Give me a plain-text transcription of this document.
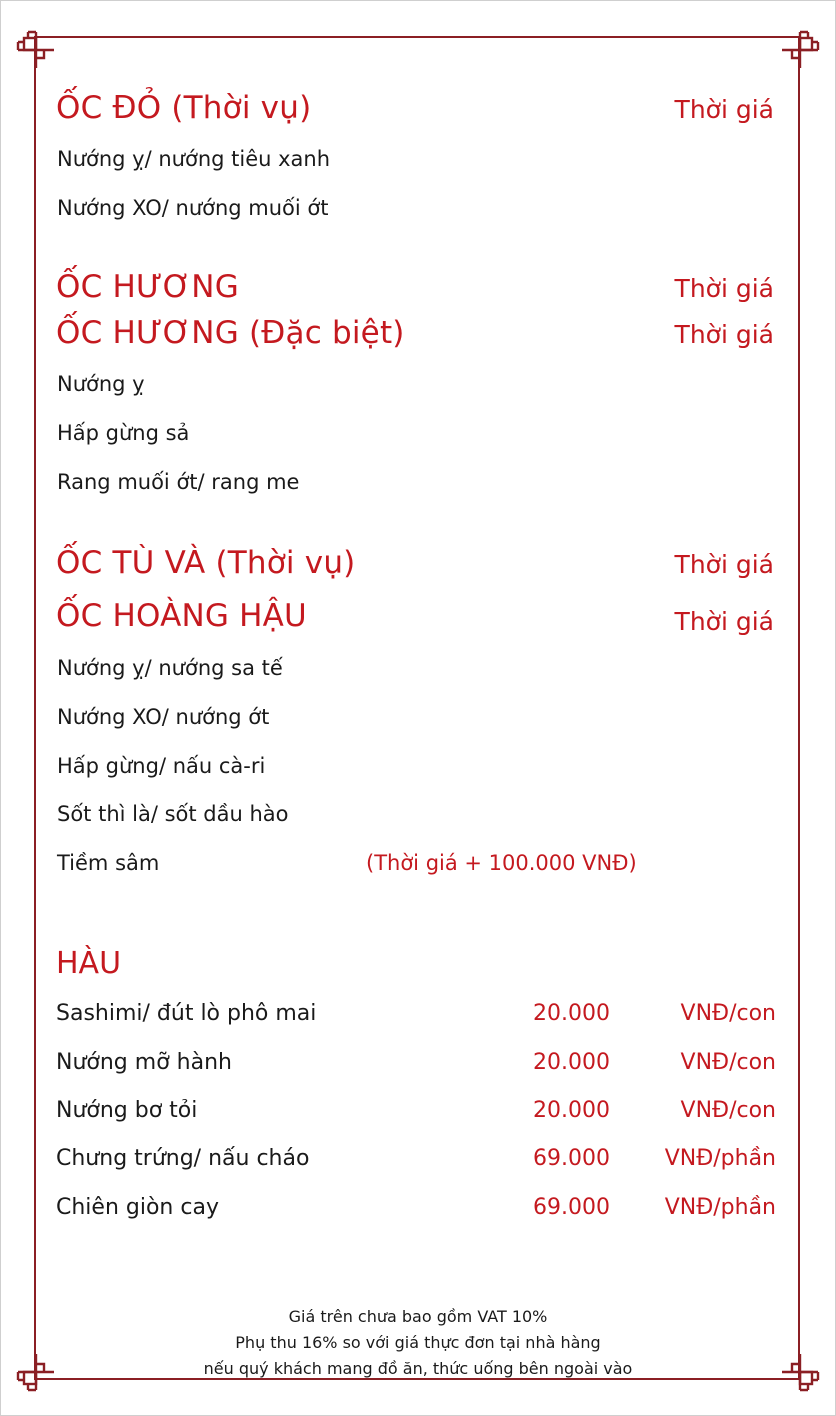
ỐC ĐỎ (Thời vụ)	Thời giá
Nướng ỵ/ nướng tiêu xanh
Nướng XO/ nướng muối ớt
ỐC HƯƠNG	Thời giá
ỐC HƯƠNG (Đặc biệt)	Thời giá
Nướng ỵ
Hấp gừng sả
Rang muối ớt/ rang me
ỐC TÙ VÀ (Thời vụ)	Thời giá
ỐC HOÀNG HẬU	Thời giá
Nướng ỵ/ nướng sa tế
Nướng XO/ nướng ớt
Hấp gừng/ nấu cà-ri
Sốt thì là/ sốt dầu hào
Tiềm sâm	(Thời giá + 100.000 VNĐ)
HÀU
Sashimi/ đút lò phô mai	20.000	VNĐ/con
Nướng mỡ hành	20.000	VNĐ/con
Nướng bơ tỏi	20.000	VNĐ/con
Chưng trứng/ nấu cháo	69.000 VNĐ/phần
Chiên giòn cay	69.000 VNĐ/phần
Giá trên chưa bao gồm VAT 10%
Phụ thu 16% so với giá thực đơn tại nhà hàng
nếu quý khách mang đồ ăn, thức uống bên ngoài vào
